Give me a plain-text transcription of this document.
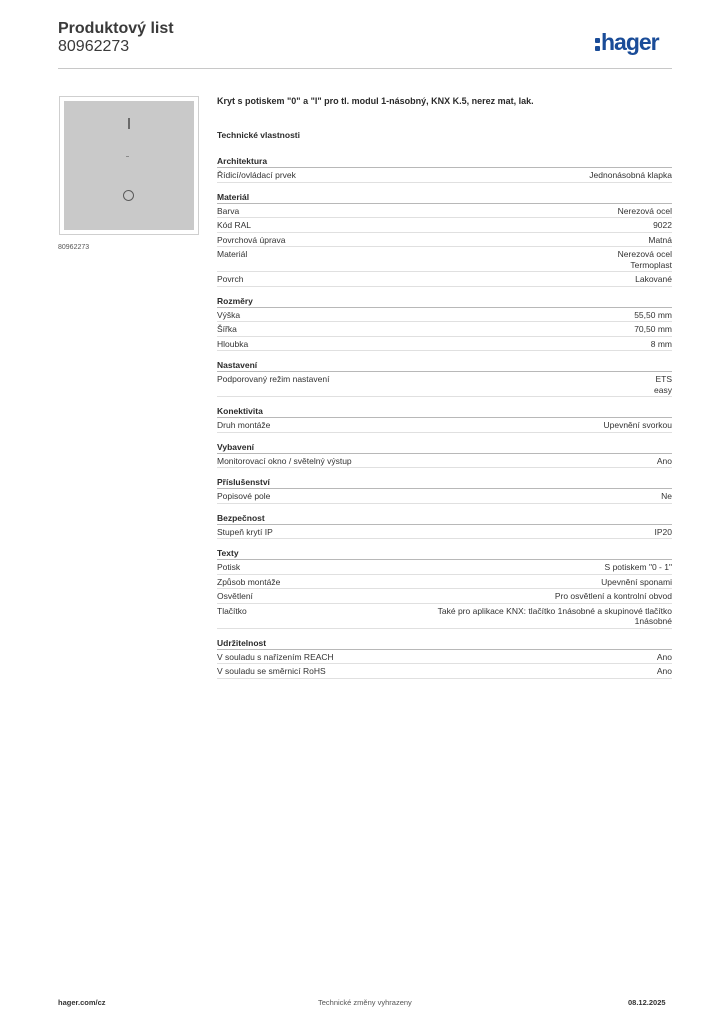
Produktový list
80962273	hager
80962273
Kryt s potiskem "0" a "I" pro tl. modul 1-násobný, KNX K.5, nerez mat, lak.
Technické vlastnosti
Architektura
Řídicí/ovládací prvek	Jednonásobná klapka
Materiál
Barva	Nerezová ocel
Kód RAL	9022
Povrchová úprava	Matná
Materiál	Nerezová ocel
Termoplast
Povrch	Lakované
Rozměry
Výška	55,50 mm
Šířka	70,50 mm
Hloubka	8 mm
Nastavení
Podporovaný režim nastavení	ETS
easy
Konektivita
Druh montáže	Upevnění svorkou
Vybavení
Monitorovací okno / světelný výstup	Ano
Příslušenství
Popisové pole	Ne
Bezpečnost
Stupeň krytí IP	IP20
Texty
Potisk	S potiskem "0 - 1"
Způsob montáže	Upevnění sponami
Osvětlení	Pro osvětlení a kontrolní obvod
Tlačítko	Také pro aplikace KNX: tlačítko 1násobné a skupinové tlačítko
1násobné
Udržitelnost
V souladu s nařízením REACH	Ano
V souladu se směrnicí RoHS	Ano
hager.com/cz	Technické změny vyhrazeny	08.12.2025
